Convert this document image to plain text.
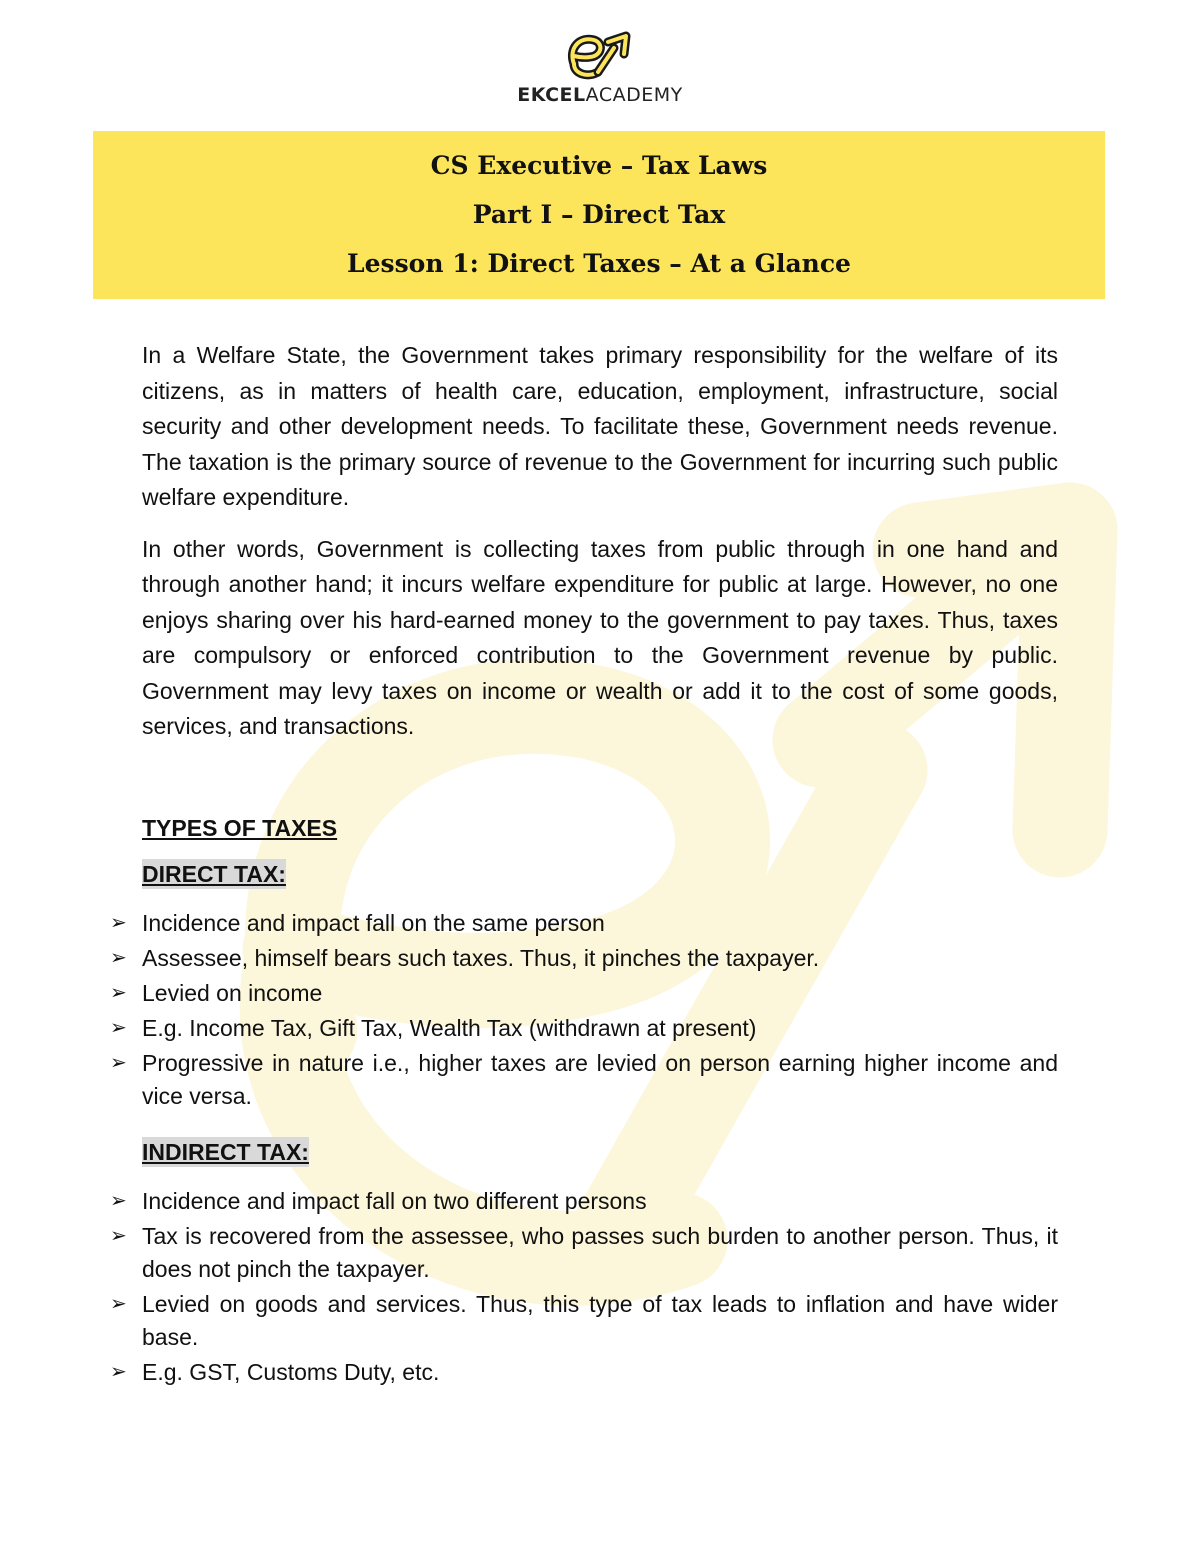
EKCELACADEMY
CS Executive – Tax Laws
Part I – Direct Tax
Lesson 1: Direct Taxes – At a Glance

In a Welfare State, the Government takes primary responsibility for the welfare of its citizens, as in matters of health care, education, employment, infrastructure, social security and other development needs. To facilitate these, Government needs revenue. The taxation is the primary source of revenue to the Government for incurring such public welfare expenditure.

In other words, Government is collecting taxes from public through in one hand and through another hand; it incurs welfare expenditure for public at large. However, no one enjoys sharing over his hard-earned money to the government to pay taxes. Thus, taxes are compulsory or enforced contribution to the Government revenue by public. Government may levy taxes on income or wealth or add it to the cost of some goods, services, and transactions.

TYPES OF TAXES
DIRECT TAX:
➢ Incidence and impact fall on the same person
➢ Assessee, himself bears such taxes. Thus, it pinches the taxpayer.
➢ Levied on income
➢ E.g. Income Tax, Gift Tax, Wealth Tax (withdrawn at present)
➢ Progressive in nature i.e., higher taxes are levied on person earning higher income and vice versa.
INDIRECT TAX:
➢ Incidence and impact fall on two different persons
➢ Tax is recovered from the assessee, who passes such burden to another person. Thus, it does not pinch the taxpayer.
➢ Levied on goods and services. Thus, this type of tax leads to inflation and have wider base.
➢ E.g. GST, Customs Duty, etc.
